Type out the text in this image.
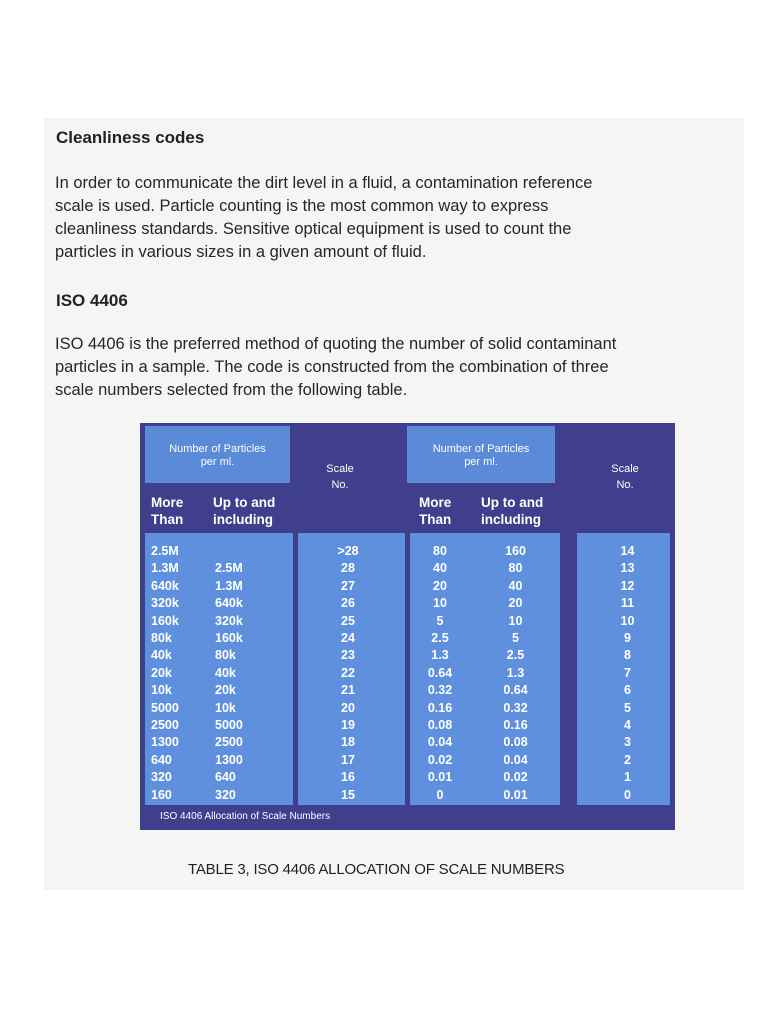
Cleanliness codes

In order to communicate the dirt level in a fluid, a contamination reference
scale is used. Particle counting is the most common way to express
cleanliness standards. Sensitive optical equipment is used to count the
particles in various sizes in a given amount of fluid.

ISO 4406

ISO 4406 is the preferred method of quoting the number of solid contaminant
particles in a sample. The code is constructed from the combination of three
scale numbers selected from the following table.

Number of Particles
per ml.
Number of Particles
per ml.
Scale
No.
Scale
No.
More
Than
Up to and
including
More
Than
Up to and
including
2.5M
1.3M
640k
320k
160k
80k
40k
20k
10k
5000
2500
1300
640
320
160

2.5M
1.3M
640k
320k
160k
80k
40k
20k
10k
5000
2500
1300
640
320
>28
28
27
26
25
24
23
22
21
20
19
18
17
16
15
80
40
20
10
5
2.5
1.3
0.64
0.32
0.16
0.08
0.04
0.02
0.01
0
160
80
40
20
10
5
2.5
1.3
0.64
0.32
0.16
0.08
0.04
0.02
0.01
14
13
12
11
10
9
8
7
6
5
4
3
2
1
0
ISO 4406 Allocation of Scale Numbers
TABLE 3, ISO 4406 ALLOCATION OF SCALE NUMBERS
